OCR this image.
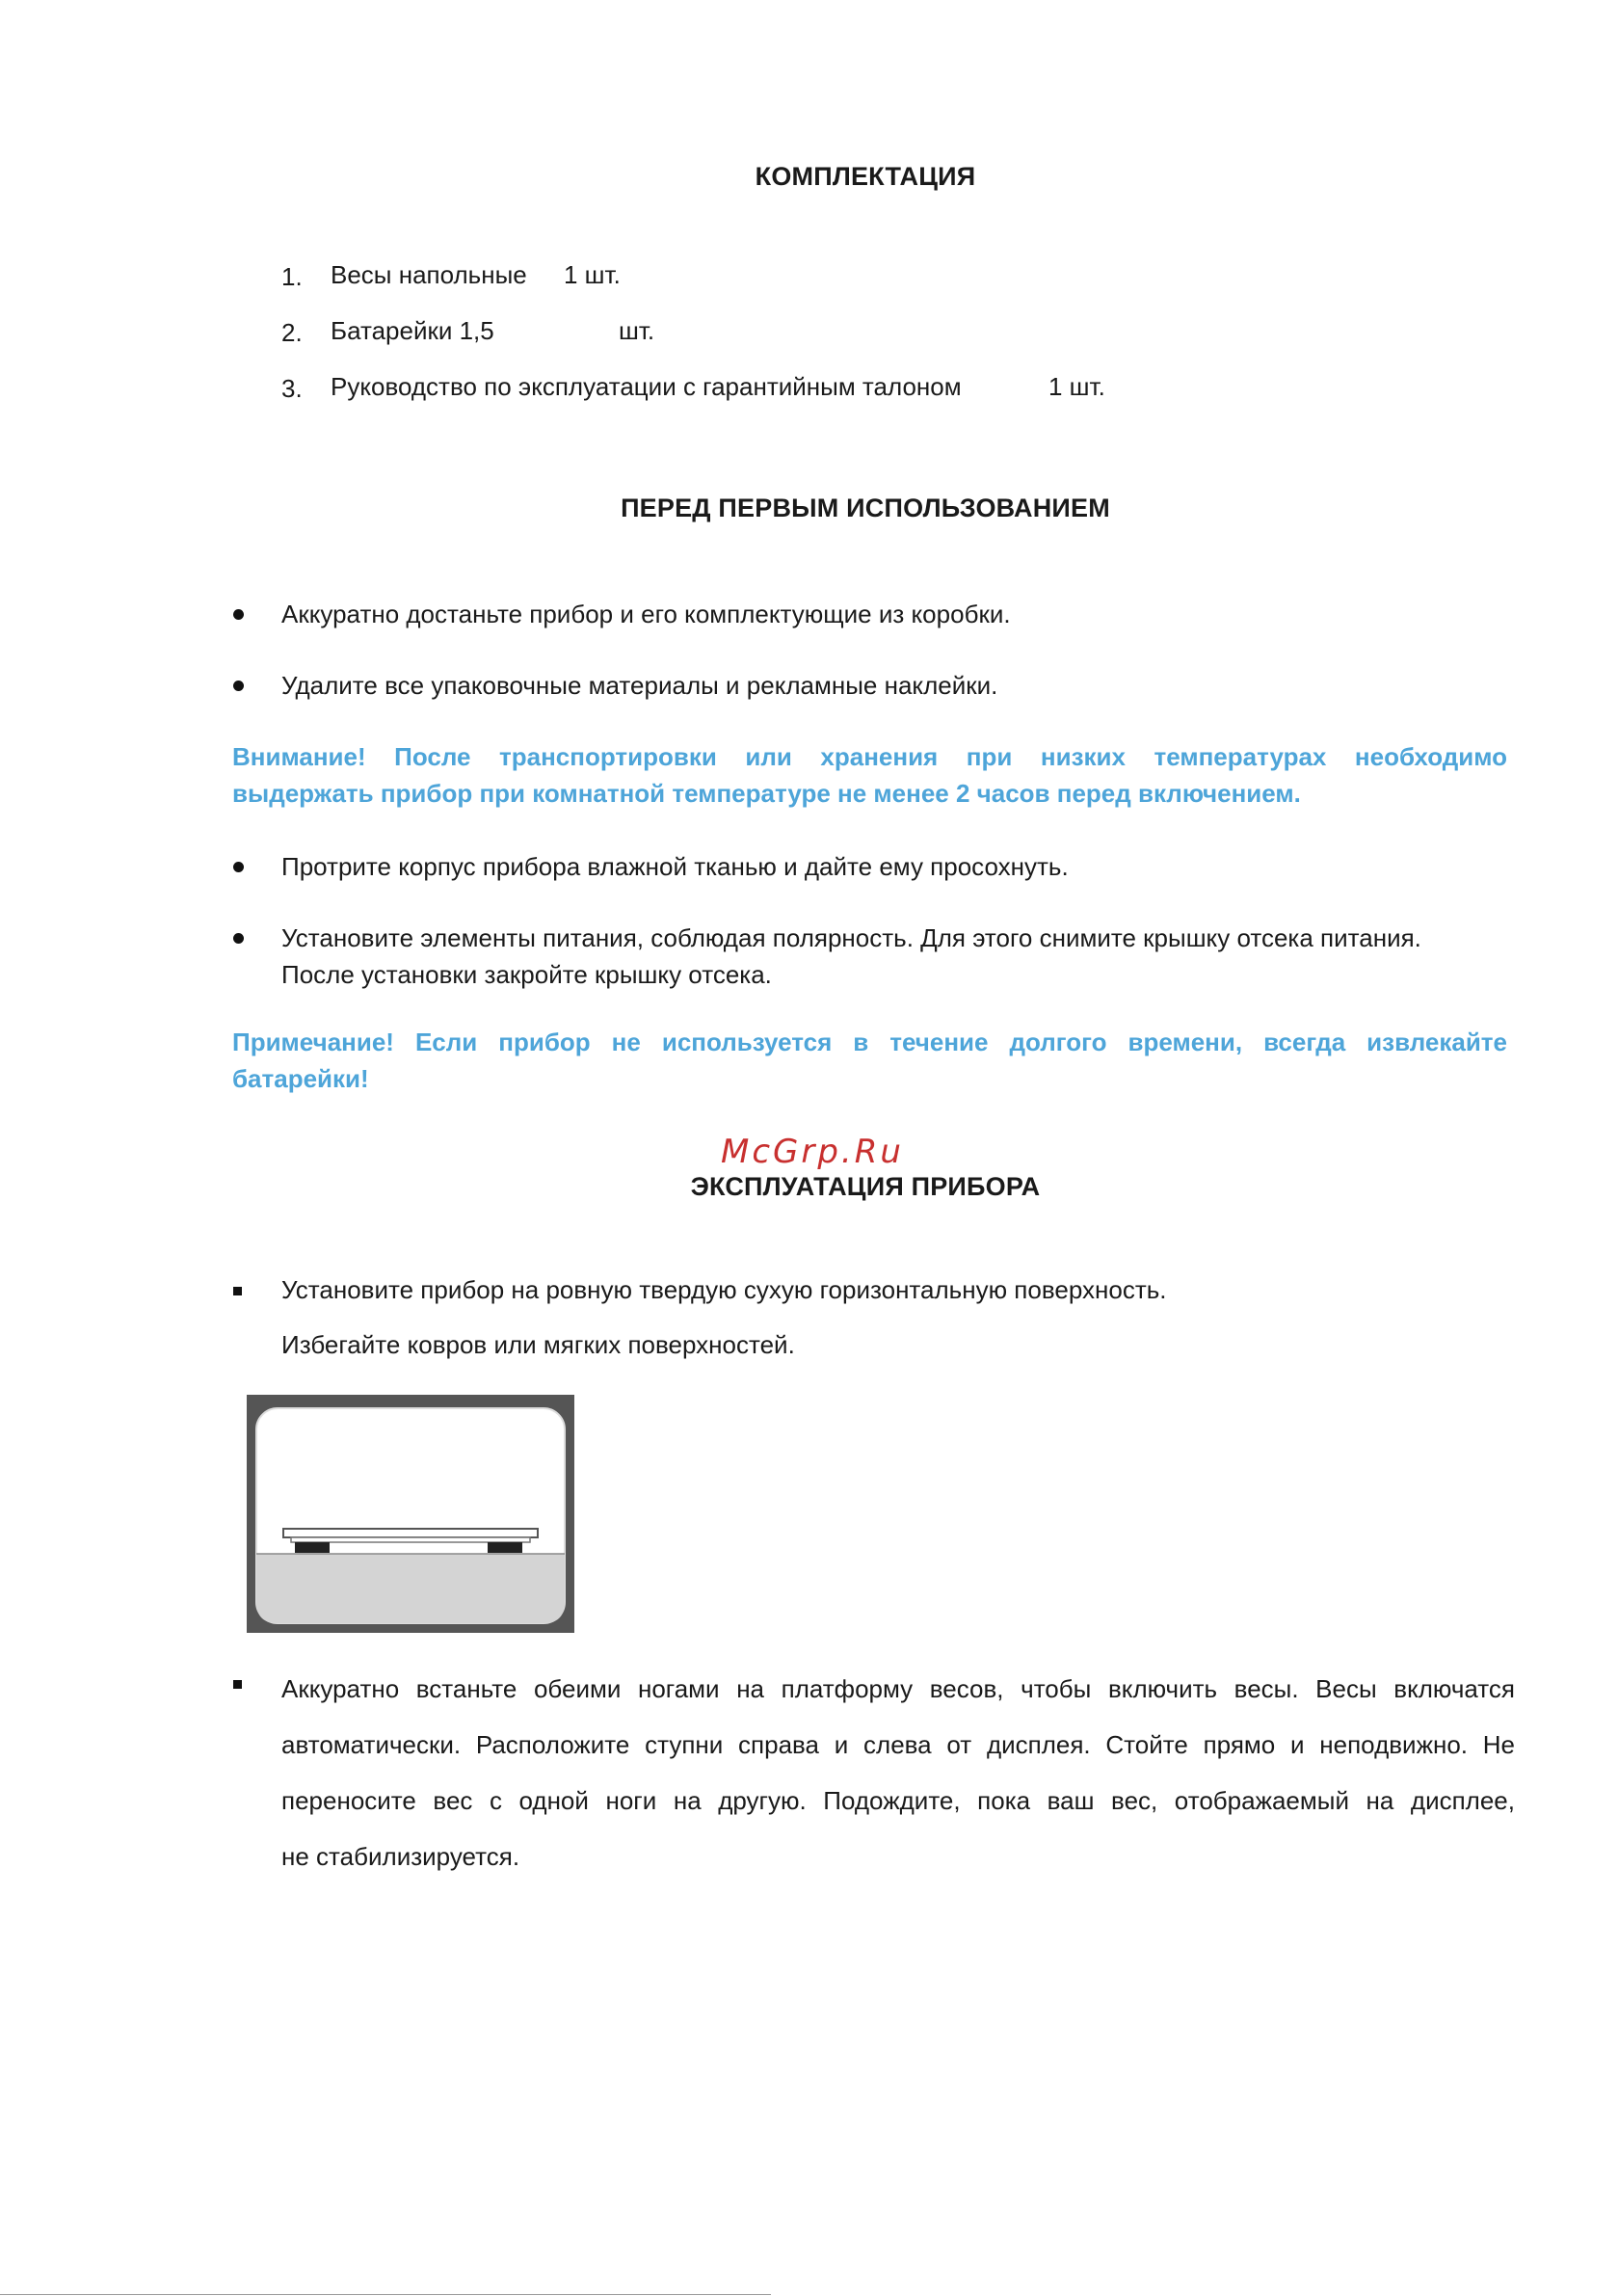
КОМПЛЕКТАЦИЯ
1. Весы напольные 1 шт.
2. Батарейки 1,5	шт.
3. Руководство по эксплуатации с гарантийным талоном	1 шт.
ПЕРЕД ПЕРВЫМ ИСПОЛЬЗОВАНИЕМ
Аккуратно достаньте прибор и его комплектующие из коробки.
Удалите все упаковочные материалы и рекламные наклейки.
Внимание! После транспортировки или хранения при низких температурах необходимо
выдержать прибор при комнатной температуре не менее 2 часов перед включением.
Протрите корпус прибора влажной тканью и дайте ему просохнуть.
Установите элементы питания, соблюдая полярность. Для этого снимите крышку отсека питания.
После установки закройте крышку отсека.
Примечание! Если прибор не используется в течение долгого времени, всегда извлекайте
батарейки!
McGrp.Ru
ЭКСПЛУАТАЦИЯ ПРИБОРА
Установите прибор на ровную твердую сухую горизонтальную поверхность.
Избегайте ковров или мягких поверхностей.
Аккуратно встаньте обеими ногами на платформу весов, чтобы включить весы. Весы включатся
автоматически. Расположите ступни справа и слева от дисплея. Стойте прямо и неподвижно. Не
переносите вес с одной ноги на другую. Подождите, пока ваш вес, отображаемый на дисплее,
не стабилизируется.
